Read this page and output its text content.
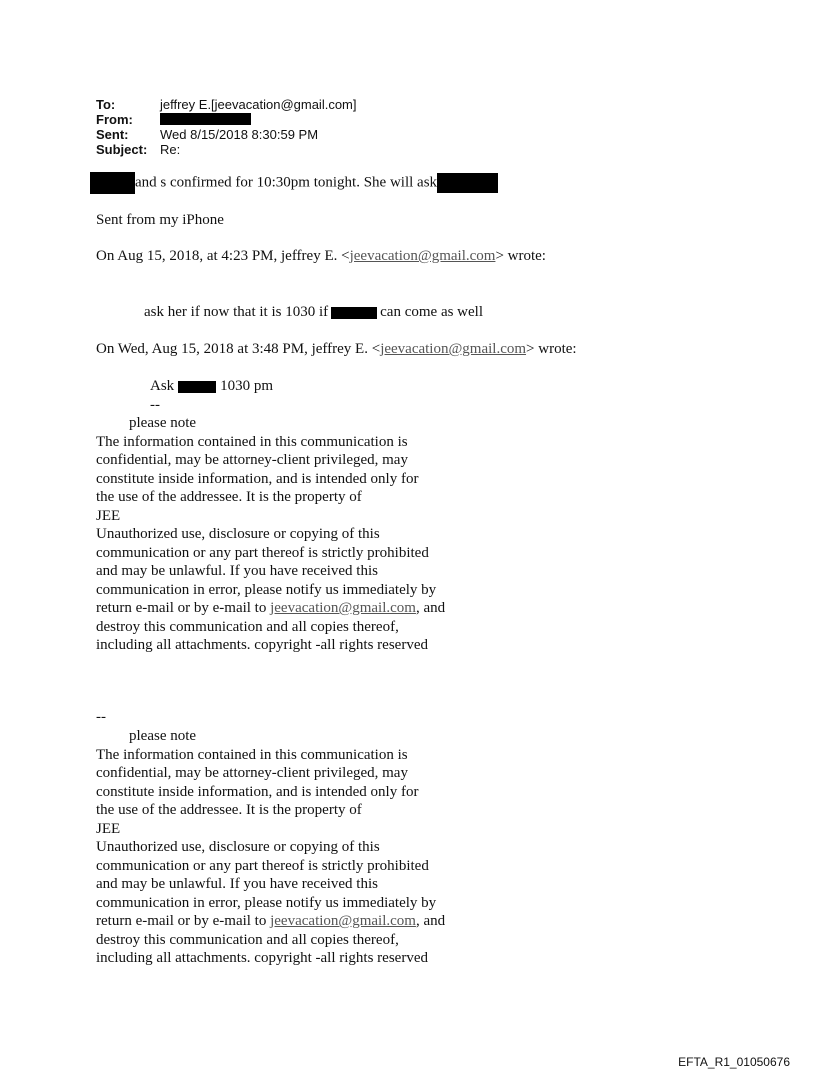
To:	jeffrey E.[jeevacation@gmail.com]
From:
Sent:	Wed 8/15/2018 8:30:59 PM
Subject: Re:
and s confirmed for 10:30pm tonight. She will ask
Sent from my iPhone
On Aug 15, 2018, at 4:23 PM, jeffrey E. <jeevacation@gmail.com> wrote:
ask her if now that it is 1030 if	can come as well
On Wed, Aug 15, 2018 at 3:48 PM, jeffrey E. <jeevacation@gmail.com> wrote:
Ask	1030 pm
--
please note
The information contained in this communication is
confidential, may be attorney-client privileged, may
constitute inside information, and is intended only for
the use of the addressee. It is the property of
JEE
Unauthorized use, disclosure or copying of this
communication or any part thereof is strictly prohibited
and may be unlawful. If you have received this
communication in error, please notify us immediately by
return e-mail or by e-mail to jeevacation@gmail.com, and
destroy this communication and all copies thereof,
including all attachments. copyright -all rights reserved
--
please note
The information contained in this communication is
confidential, may be attorney-client privileged, may
constitute inside information, and is intended only for
the use of the addressee. It is the property of
JEE
Unauthorized use, disclosure or copying of this
communication or any part thereof is strictly prohibited
and may be unlawful. If you have received this
communication in error, please notify us immediately by
return e-mail or by e-mail to jeevacation@gmail.com, and
destroy this communication and all copies thereof,
including all attachments. copyright -all rights reserved
EFTA_R1_01050676
